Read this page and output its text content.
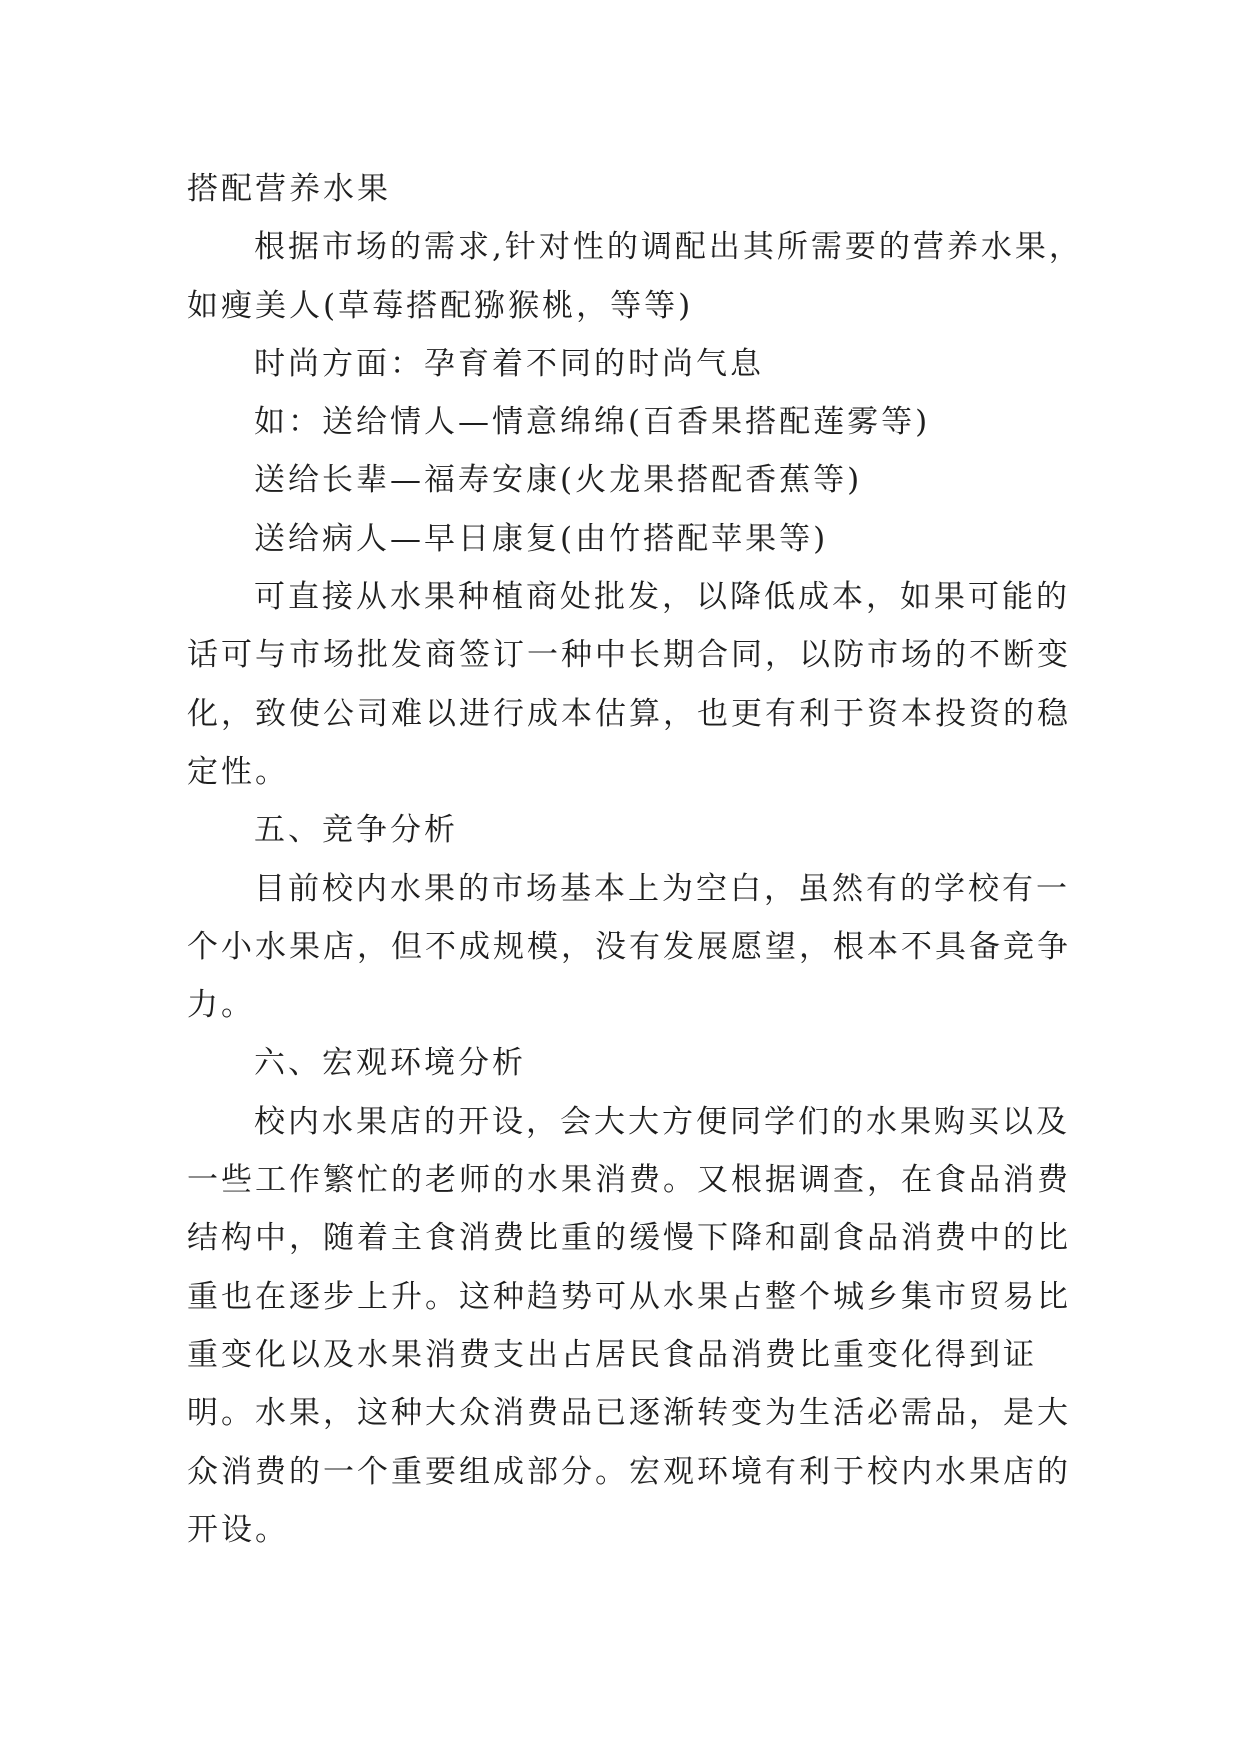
搭配营养水果
根据市场的需求,针对性的调配出其所需要的营养水果，
如瘦美人(草莓搭配猕猴桃，等等)
时尚方面：孕育着不同的时尚气息
如：送给情人—情意绵绵(百香果搭配莲雾等)
送给长辈—福寿安康(火龙果搭配香蕉等)
送给病人—早日康复(由竹搭配苹果等)
可直接从水果种植商处批发，以降低成本，如果可能的
话可与市场批发商签订一种中长期合同，以防市场的不断变
化，致使公司难以进行成本估算，也更有利于资本投资的稳
定性。
五、竞争分析
目前校内水果的市场基本上为空白，虽然有的学校有一
个小水果店，但不成规模，没有发展愿望，根本不具备竞争
力。
六、宏观环境分析
校内水果店的开设，会大大方便同学们的水果购买以及
一些工作繁忙的老师的水果消费。又根据调查，在食品消费
结构中，随着主食消费比重的缓慢下降和副食品消费中的比
重也在逐步上升。这种趋势可从水果占整个城乡集市贸易比
重变化以及水果消费支出占居民食品消费比重变化得到证
明。水果，这种大众消费品已逐渐转变为生活必需品，是大
众消费的一个重要组成部分。宏观环境有利于校内水果店的
开设。
